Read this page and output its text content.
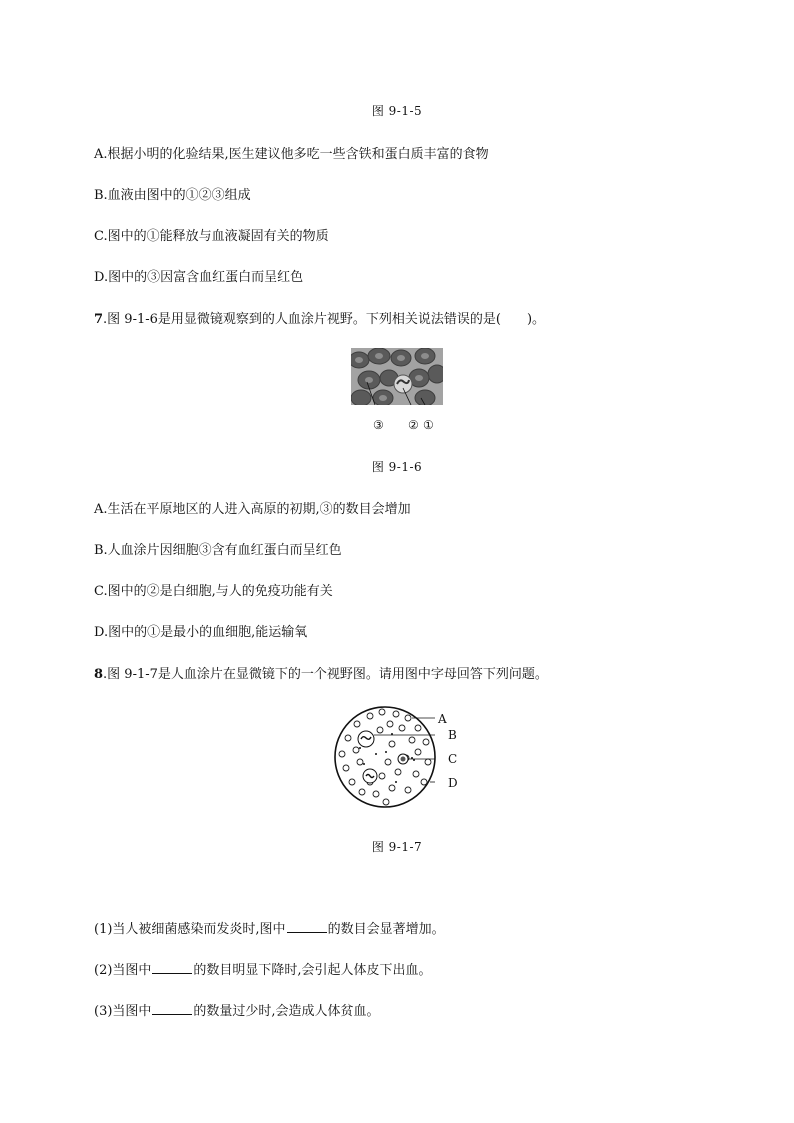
图 9-1-5
A.根据小明的化验结果,医生建议他多吃一些含铁和蛋白质丰富的食物
B.血液由图中的①②③组成
C.图中的①能释放与血液凝固有关的物质
D.图中的③因富含血红蛋白而呈红色
7.图 9-1-6是用显微镜观察到的人血涂片视野。下列相关说法错误的是(　　)。
③ ② ①
图 9-1-6
A.生活在平原地区的人进入高原的初期,③的数目会增加
B.人血涂片因细胞③含有血红蛋白而呈红色
C.图中的②是白细胞,与人的免疫功能有关
D.图中的①是最小的血细胞,能运输氧
8.图 9-1-7是人血涂片在显微镜下的一个视野图。请用图中字母回答下列问题。
A
B
C
D
图 9-1-7
(1)当人被细菌感染而发炎时,图中	的数目会显著增加。
(2)当图中	的数目明显下降时,会引起人体皮下出血。
(3)当图中	的数量过少时,会造成人体贫血。
